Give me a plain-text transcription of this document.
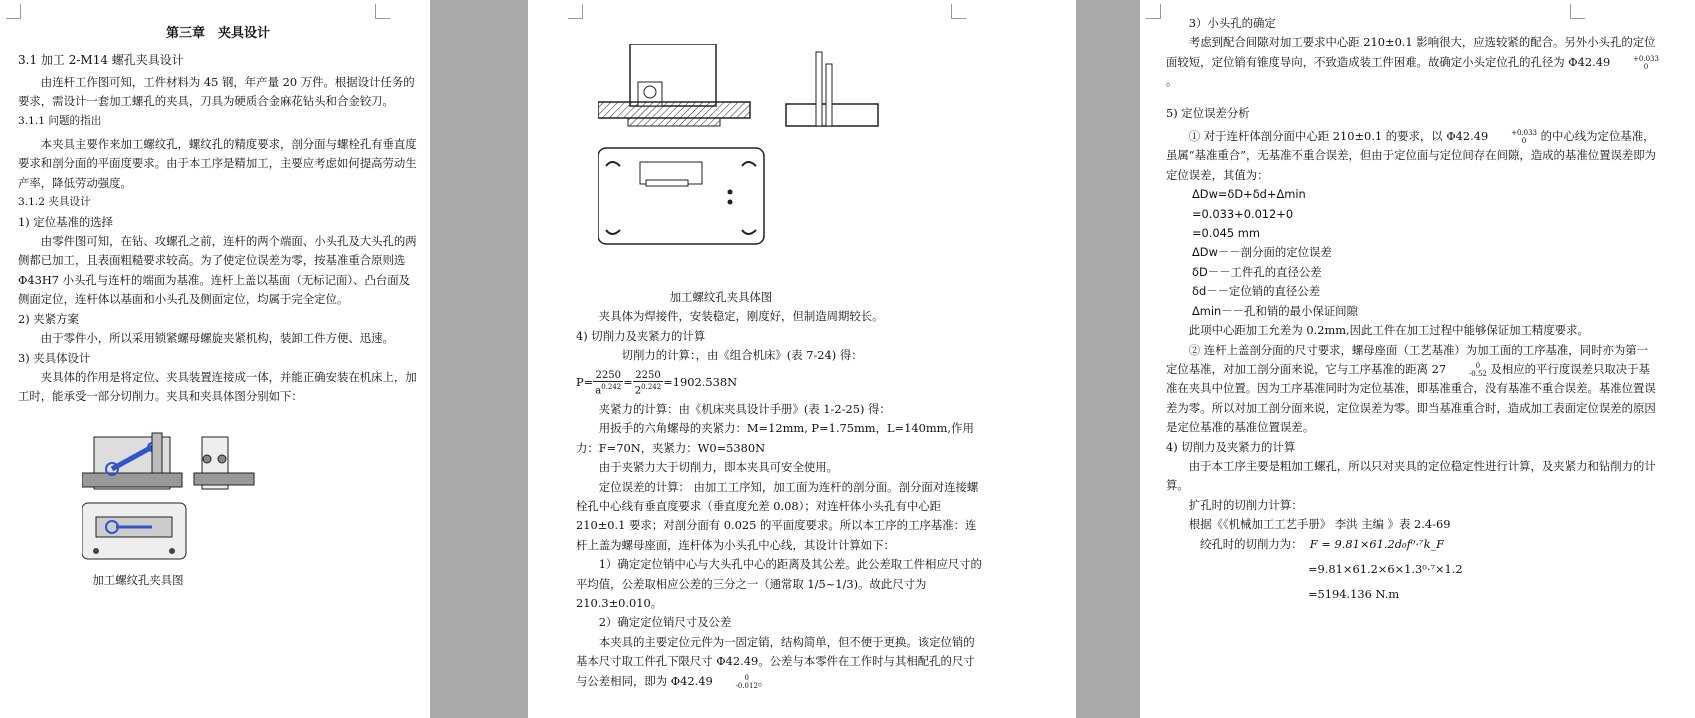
第三章　夹具设计

3.1 加工 2-M14 螺孔夹具设计

由连杆工作图可知，工件材料为 45 钢，年产量 20 万件。根据设计任务的要求，需设计一套加工螺孔的夹具，刀具为硬质合金麻花钻头和合金铰刀。

3.1.1 问题的指出

本夹具主要作来加工螺纹孔，螺纹孔的精度要求，剖分面与螺栓孔有垂直度要求和剖分面的平面度要求。由于本工序是精加工，主要应考虑如何提高劳动生产率，降低劳动强度。

3.1.2 夹具设计

1) 定位基准的选择

由零件图可知，在钻、攻螺孔之前，连杆的两个端面、小头孔及大头孔的两侧都已加工，且表面粗糙要求较高。为了使定位误差为零，按基准重合原则选 Φ43H7 小头孔与连杆的端面为基准。连杆上盖以基面（无标记面）、凸台面及侧面定位，连杆体以基面和小头孔及侧面定位，均属于完全定位。

2) 夹紧方案

由于零件小，所以采用锁紧螺母螺旋夹紧机构，装卸工件方便、迅速。

3) 夹具体设计

夹具体的作用是将定位、夹具装置连接成一体，并能正确安装在机床上，加工时，能承受一部分切削力。夹具和夹具体图分别如下：

加工螺纹孔夹具图

加工螺纹孔夹具体图

夹具体为焊接件，安装稳定，刚度好，但制造周期较长。

4) 切削力及夹紧力的计算

切削力的计算：，由《组合机床》(表 7-24) 得：

$P= \frac{2250}{a^{0.242}} = \frac{2250}{2^{0.242}} =1902.538N$

夹紧力的计算：由《机床夹具设计手册》(表 1-2-25) 得：

用扳手的六角螺母的夹紧力：M=12mm, P=1.75mm，L=140mm,作用力：F=70N，夹紧力：W0=5380N

由于夹紧力大于切削力，即本夹具可安全使用。

定位误差的计算： 由加工工序知，加工面为连杆的剖分面。剖分面对连接螺栓孔中心线有垂直度要求（垂直度允差 0.08）；对连杆体小头孔有中心距 210±0.1 要求；对剖分面有 0.025 的平面度要求。所以本工序的工序基准：连杆上盖为螺母座面，连杆体为小头孔中心线，其设计计算如下：

1）确定定位销中心与大头孔中心的距离及其公差。此公差取工件相应尺寸的平均值，公差取相应公差的三分之一（通常取 1/5~1/3)。故此尺寸为 210.3±0.010。

2）确定定位销尺寸及公差

本夹具的主要定位元件为一固定销，结构简单，但不便于更换。该定位销的基本尺寸取工件孔下限尺寸 Φ42.49。公差与本零件在工作时与其相配孔的尺寸与公差相同，即为 Φ42.49	0
-0.012 。

3）小头孔的确定

考虑到配合间隙对加工要求中心距 210±0.1 影响很大，应选较紧的配合。另外小头孔的定位面较短，定位销有锥度导向，不致造成装工件困难。故确定小头定位孔的孔径为 Φ42.49	+0.033
0
。

5) 定位误差分析

① 对于连杆体剖分面中心距 210±0.1 的要求，以 Φ42.49	+0.033
0 的中心线为定位基准，虽属“基准重合”，无基准不重合误差，但由于定位面与定位间存在间隙，造成的基准位置误差即为定位误差，其值为：

ΔDw=δD+δd+Δmin

=0.033+0.012+0

=0.045 mm

ΔDw－－剖分面的定位误差

δD－－工件孔的直径公差

δd－－定位销的直径公差

Δmin－－孔和销的最小保证间隙

此项中心距加工允差为 0.2mm,因此工件在加工过程中能够保证加工精度要求。

② 连杆上盖剖分面的尺寸要求，螺母座面（工艺基准）为加工面的工序基准，同时亦为第一定位基准，对加工剖分面来说，它与工序基准的距离 27	0
-0.52 及相应的平行度误差只取决于基准在夹具中位置。因为工序基准同时为定位基准，即基准重合，没有基准不重合误差。基准位置误差为零。所以对加工剖分面来说，定位误差为零。即当基准重合时，造成加工表面定位误差的原因是定位基准的基准位置误差。

4) 切削力及夹紧力的计算

由于本工序主要是粗加工螺孔，所以只对夹具的定位稳定性进行计算，及夹紧力和钻削力的计算。

扩孔时的切削力计算：

根据《《机械加工工艺手册》 李洪 主编 》表 2.4-69

绞孔时的切削力为： F = 9.81×61.2d₀f⁰·⁷k_F

=9.81×61.2×6×1.3⁰·⁷×1.2

=5194.136 N.m
